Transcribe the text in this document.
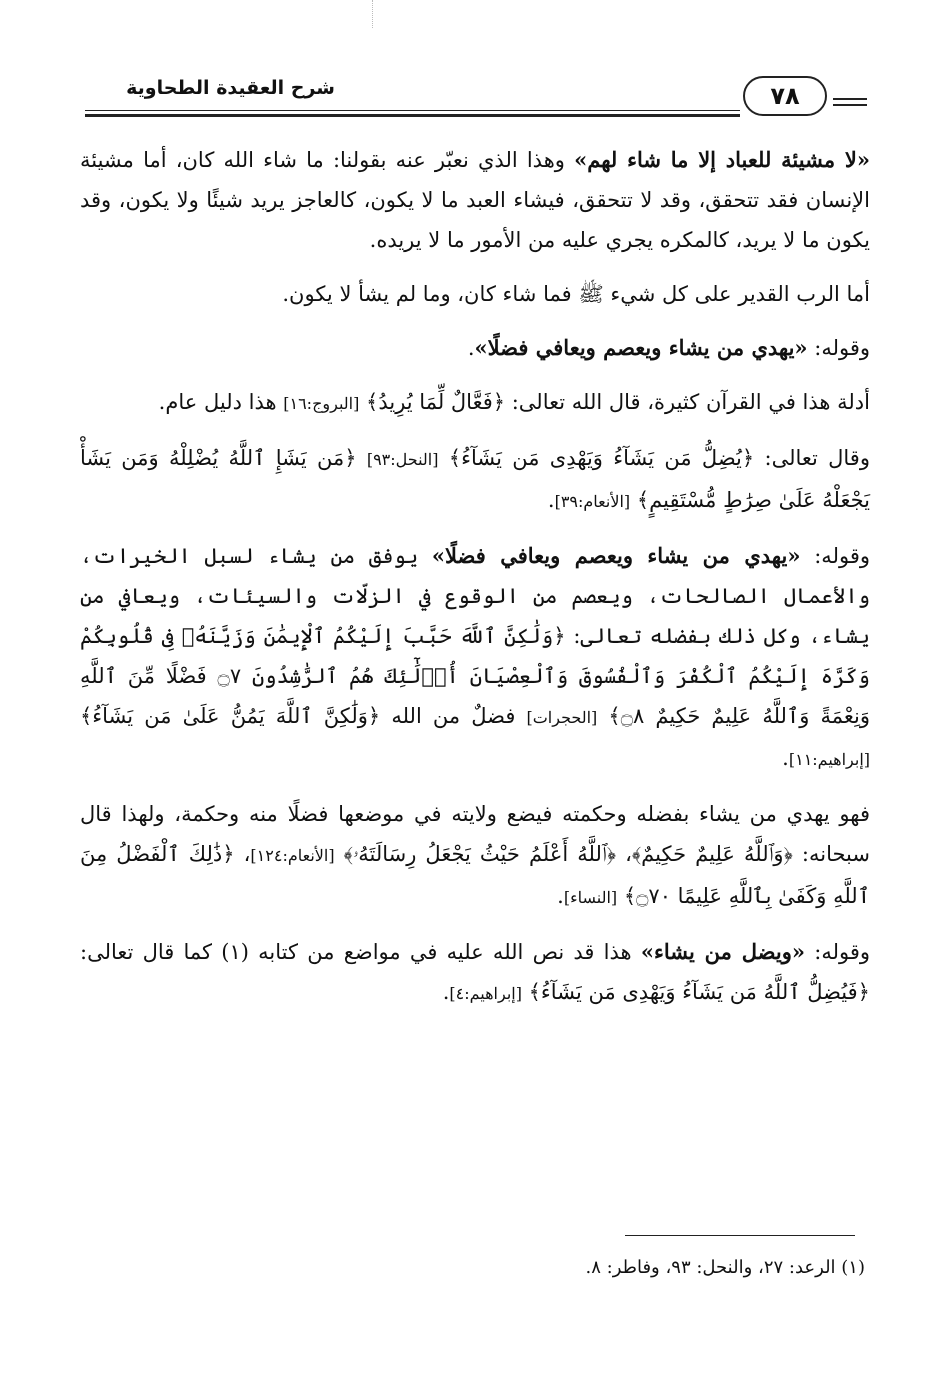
شرح العقيدة الطحاوية	٧٨

«لا مشيئة للعباد إلا ما شاء لهم» وهذا الذي نعبّر عنه بقولنا: ما شاء الله كان، أما مشيئة الإنسان فقد تتحقق، وقد لا تتحقق، فيشاء العبد ما لا يكون، كالعاجز يريد شيئًا ولا يكون، وقد يكون ما لا يريد، كالمكره يجري عليه من الأمور ما لا يريده.

أما الرب القدير على كل شيء ﷺ فما شاء كان، وما لم يشأ لا يكون.

وقوله: «يهدي من يشاء ويعصم ويعافي فضلًا».

أدلة هذا في القرآن كثيرة، قال الله تعالى: ﴿فَعَّالٌ لِّمَا يُرِيدُ﴾ [البروج:١٦] هذا دليل عام.

وقال تعالى: ﴿يُضِلُّ مَن يَشَآءُ وَيَهْدِى مَن يَشَآءُ﴾ [النحل:٩٣] ﴿مَن يَشَإِ ٱللَّهُ يُضْلِلْهُ وَمَن يَشَأْ يَجْعَلْهُ عَلَىٰ صِرَٰطٍ مُّسْتَقِيمٍ﴾ [الأنعام:٣٩].

وقوله: «يهدي من يشاء ويعصم ويعافي فضلًا» يوفق من يشاء لسبل الخيرات، والأعمال الصالحات، ويعصم من الوقوع في الزلّات والسيئات، ويعافي من يشاء، وكل ذلك بفضله تعالى: ﴿وَلَٰكِنَّ ٱللَّهَ حَبَّبَ إِلَيْكُمُ ٱلْإِيمَٰنَ وَزَيَّنَهُۥ فِى قُلُوبِكُمْ وَكَرَّهَ إِلَيْكُمُ ٱلْكُفْرَ وَٱلْفُسُوقَ وَٱلْعِصْيَانَ أُو۟لَٰٓئِكَ هُمُ ٱلرَّٰشِدُونَ ۝٧ فَضْلًا مِّنَ ٱللَّهِ وَنِعْمَةً وَٱللَّهُ عَلِيمٌ حَكِيمٌ ۝٨﴾ [الحجرات] فضلٌ من الله ﴿وَلَٰكِنَّ ٱللَّهَ يَمُنُّ عَلَىٰ مَن يَشَآءُ﴾ [إبراهيم:١١].

فهو يهدي من يشاء بفضله وحكمته فيضع ولايته في موضعها فضلًا منه وحكمة، ولهذا قال سبحانه: ﴿وَٱللَّهُ عَلِيمٌ حَكِيمٌ﴾، ﴿ٱللَّهُ أَعْلَمُ حَيْثُ يَجْعَلُ رِسَالَتَهُۥ﴾ [الأنعام:١٢٤]، ﴿ذَٰلِكَ ٱلْفَضْلُ مِنَ ٱللَّهِ وَكَفَىٰ بِٱللَّهِ عَلِيمًا ۝٧٠﴾ [النساء].

وقوله: «ويضل من يشاء» هذا قد نص الله عليه في مواضع من كتابه (١) كما قال تعالى: ﴿فَيُضِلُّ ٱللَّهُ مَن يَشَآءُ وَيَهْدِى مَن يَشَآءُ﴾ [إبراهيم:٤].

(١) الرعد: ٢٧، والنحل: ٩٣، وفاطر: ٨.
